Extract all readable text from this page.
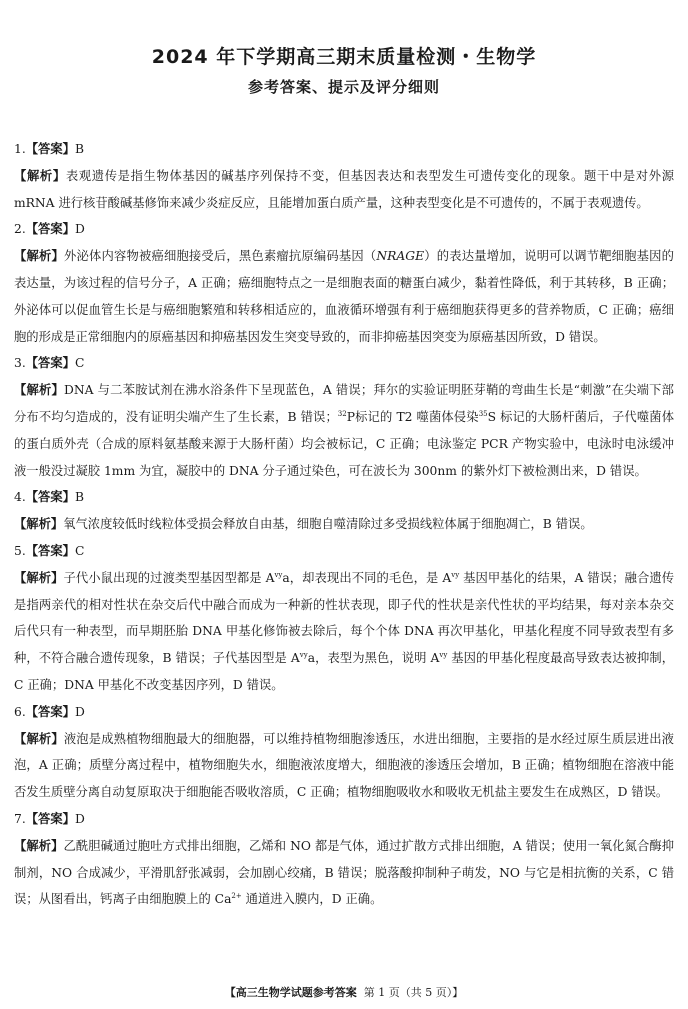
2024 年下学期高三期末质量检测・生物学
参考答案、提示及评分细则
1.【答案】B
【解析】表观遗传是指生物体基因的碱基序列保持不变，但基因表达和表型发生可遗传变化的现象。题干中是对外源 mRNA 进行核苷酸碱基修饰来减少炎症反应，且能增加蛋白质产量，这种表型变化是不可遗传的，不属于表观遗传。
2.【答案】D
【解析】外泌体内容物被癌细胞接受后，黑色素瘤抗原编码基因（NRAGE）的表达量增加，说明可以调节靶细胞基因的表达量，为该过程的信号分子，A 正确；癌细胞特点之一是细胞表面的糖蛋白减少，黏着性降低，利于其转移，B 正确；外泌体可以促血管生长是与癌细胞繁殖和转移相适应的，血液循环增强有利于癌细胞获得更多的营养物质，C 正确；癌细胞的形成是正常细胞内的原癌基因和抑癌基因发生突变导致的，而非抑癌基因突变为原癌基因所致，D 错误。
3.【答案】C
【解析】DNA 与二苯胺试剂在沸水浴条件下呈现蓝色，A 错误；拜尔的实验证明胚芽鞘的弯曲生长是“刺激”在尖端下部分布不均匀造成的，没有证明尖端产生了生长素，B 错误；$^{32}$P标记的 T2 噬菌体侵染$^{35}$S 标记的大肠杆菌后，子代噬菌体的蛋白质外壳（合成的原料氨基酸来源于大肠杆菌）均会被标记，C 正确；电泳鉴定 PCR 产物实验中，电泳时电泳缓冲液一般没过凝胶 1mm 为宜，凝胶中的 DNA 分子通过染色，可在波长为 300nm 的紫外灯下被检测出来，D 错误。
4.【答案】B
【解析】氧气浓度较低时线粒体受损会释放自由基，细胞自噬清除过多受损线粒体属于细胞凋亡，B 错误。
5.【答案】C
【解析】子代小鼠出现的过渡类型基因型都是 $A^{vy}a$，却表现出不同的毛色，是 $A^{vy}$ 基因甲基化的结果，A 错误；融合遗传是指两亲代的相对性状在杂交后代中融合而成为一种新的性状表现，即子代的性状是亲代性状的平均结果，每对亲本杂交后代只有一种表型，而早期胚胎 DNA 甲基化修饰被去除后，每个个体 DNA 再次甲基化，甲基化程度不同导致表型有多种，不符合融合遗传现象，B 错误；子代基因型是 $A^{vy}a$，表型为黑色，说明 $A^{vy}$ 基因的甲基化程度最高导致表达被抑制，C 正确；DNA 甲基化不改变基因序列，D 错误。
6.【答案】D
【解析】液泡是成熟植物细胞最大的细胞器，可以维持植物细胞渗透压，水进出细胞，主要指的是水经过原生质层进出液泡，A 正确；质壁分离过程中，植物细胞失水，细胞液浓度增大，细胞液的渗透压会增加，B 正确；植物细胞在溶液中能否发生质壁分离自动复原取决于细胞能否吸收溶质，C 正确；植物细胞吸收水和吸收无机盐主要发生在成熟区，D 错误。
7.【答案】D
【解析】乙酰胆碱通过胞吐方式排出细胞，乙烯和 NO 都是气体，通过扩散方式排出细胞，A 错误；使用一氧化氮合酶抑制剂，NO 合成减少，平滑肌舒张减弱，会加剧心绞痛，B 错误；脱落酸抑制种子萌发，NO 与它是相抗衡的关系，C 错误；从图看出，钙离子由细胞膜上的 $Ca^{2+}$ 通道进入膜内，D 正确。
【高三生物学试题参考答案 第 1 页（共 5 页）】
